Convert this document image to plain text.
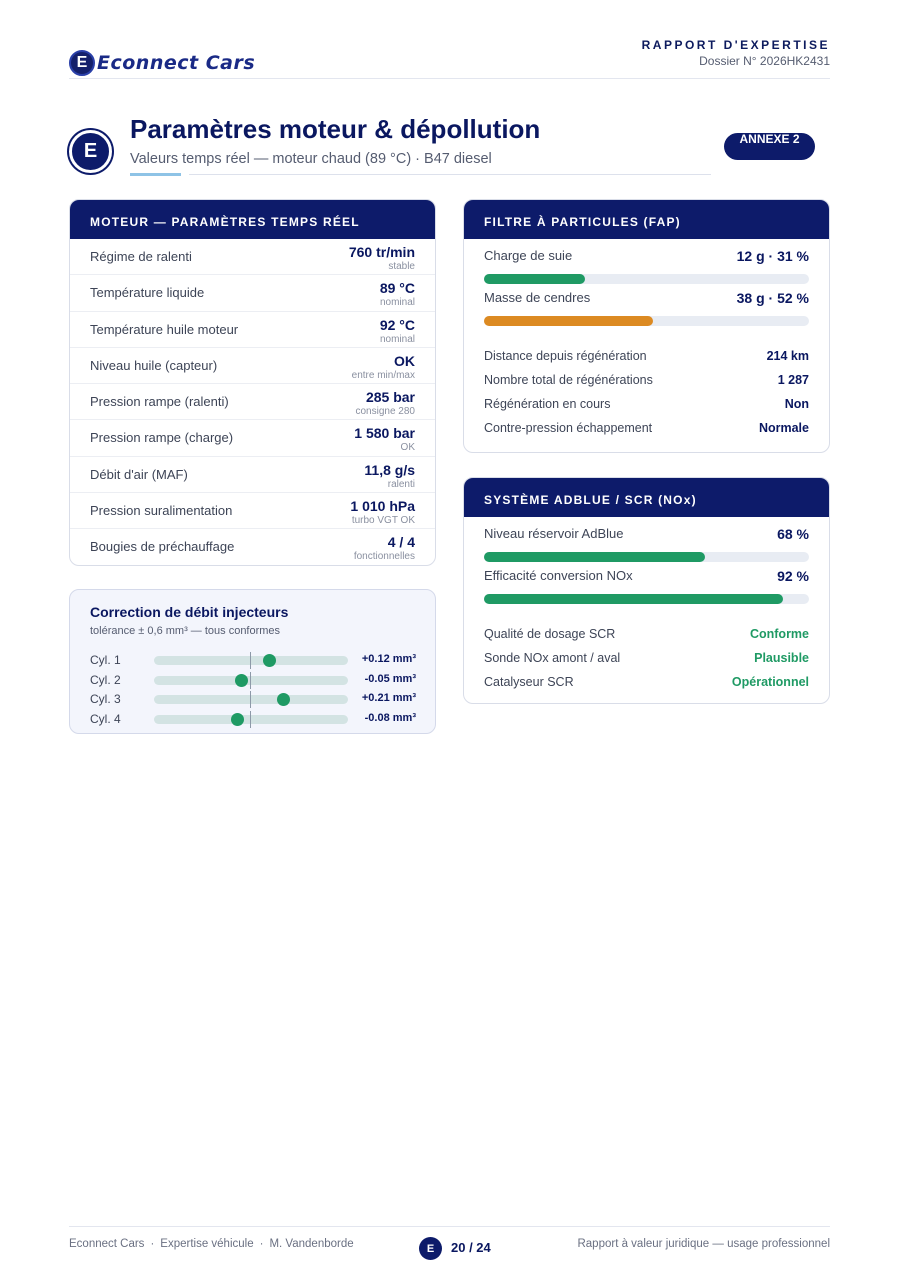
E Econnect Cars
RAPPORT D'EXPERTISE
Dossier N° 2026HK2431
E
Paramètres moteur & dépollution
Valeurs temps réel — moteur chaud (89 °C) · B47 diesel
ANNEXE 2
MOTEUR — PARAMÈTRES TEMPS RÉEL
Régime de ralenti	760 tr/min
stable
Température liquide	89 °C
nominal
Température huile moteur	92 °C
nominal
Niveau huile (capteur)	OK
entre min/max
Pression rampe (ralenti)	285 bar
consigne 280
Pression rampe (charge)	1 580 bar
OK
Débit d'air (MAF)	11,8 g/s
ralenti
Pression suralimentation	1 010 hPa
turbo VGT OK
Bougies de préchauffage	4 / 4
fonctionnelles
Correction de débit injecteurs
tolérance ± 0,6 mm³ — tous conformes
Cyl. 1	+0.12 mm³
Cyl. 2	-0.05 mm³
Cyl. 3	+0.21 mm³
Cyl. 4	-0.08 mm³
FILTRE À PARTICULES (FAP)
Charge de suie	12 g · 31 %
Masse de cendres	38 g · 52 %
Distance depuis régénération	214 km
Nombre total de régénérations	1 287
Régénération en cours	Non
Contre-pression échappement	Normale
SYSTÈME ADBLUE / SCR (NOx)
Niveau réservoir AdBlue	68 %
Efficacité conversion NOx	92 %
Qualité de dosage SCR	Conforme
Sonde NOx amont / aval	Plausible
Catalyseur SCR	Opérationnel
Econnect Cars · Expertise véhicule · M. Vandenborde	E	20 / 24	Rapport à valeur juridique — usage professionnel
